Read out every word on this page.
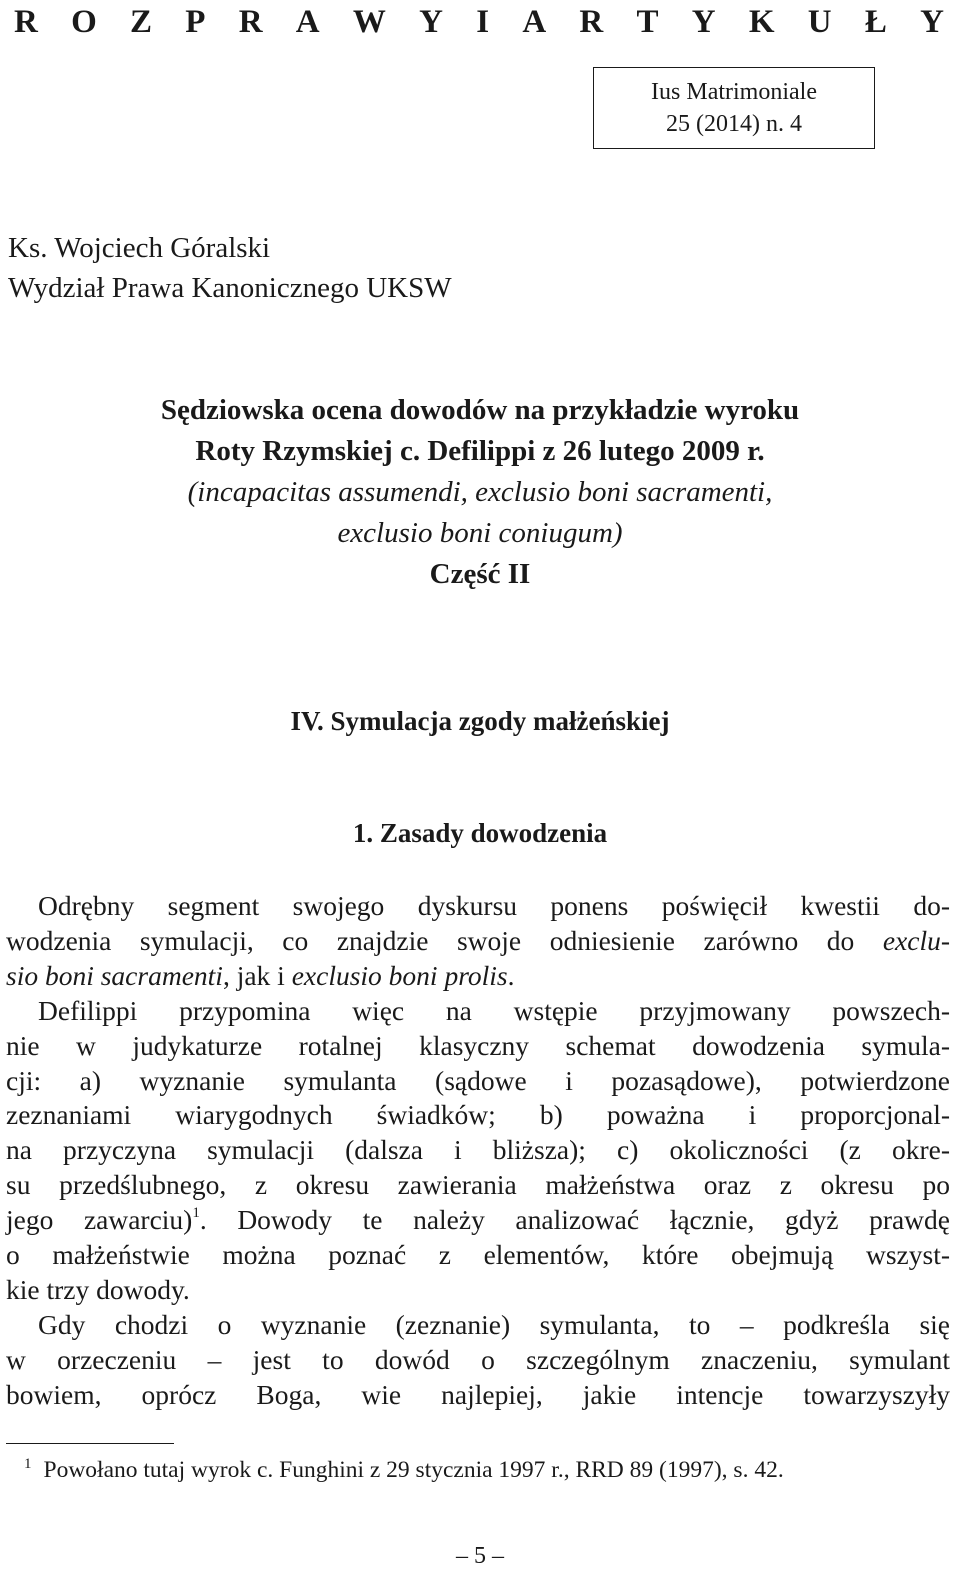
R O Z P R A W Y I A R T Y K U Ł Y
Ius Matrimoniale
25 (2014) n. 4
Ks. Wojciech Góralski
Wydział Prawa Kanonicznego UKSW
Sędziowska ocena dowodów na przykładzie wyroku
Roty Rzymskiej c. Defilippi z 26 lutego 2009 r.
(incapacitas assumendi, exclusio boni sacramenti,
exclusio boni coniugum)
Część II
IV. Symulacja zgody małżeńskiej
1. Zasady dowodzenia
Odrębny segment swojego dyskursu ponens poświęcił kwestii do-
wodzenia symulacji, co znajdzie swoje odniesienie zarówno do exclu-
sio boni sacramenti, jak i exclusio boni prolis.
Defilippi przypomina więc na wstępie przyjmowany powszech-
nie w judykaturze rotalnej klasyczny schemat dowodzenia symula-
cji: a) wyznanie symulanta (sądowe i pozasądowe), potwierdzone
zeznaniami wiarygodnych świadków; b) poważna i proporcjonal-
na przyczyna symulacji (dalsza i bliższa); c) okoliczności (z okre-
su przedślubnego, z okresu zawierania małżeństwa oraz z okresu po
jego zawarciu)$^1$. Dowody te należy analizować łącznie, gdyż prawdę
o małżeństwie można poznać z elementów, które obejmują wszyst-
kie trzy dowody.
Gdy chodzi o wyznanie (zeznanie) symulanta, to – podkreśla się
w orzeczeniu – jest to dowód o szczególnym znaczeniu, symulant
bowiem, oprócz Boga, wie najlepiej, jakie intencje towarzyszyły
$^1$ Powołano tutaj wyrok c. Funghini z 29 stycznia 1997 r., RRD 89 (1997), s. 42.
– 5 –
